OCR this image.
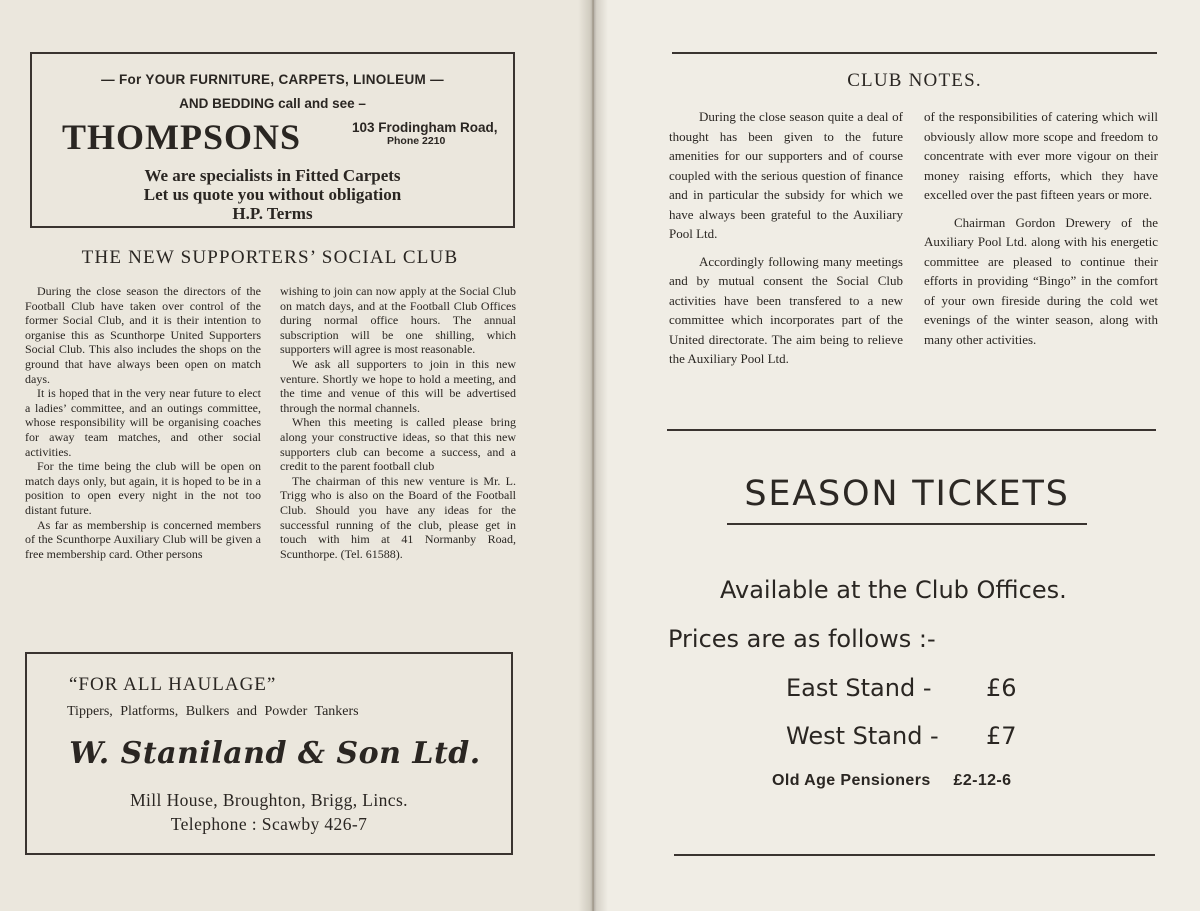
— For YOUR FURNITURE, CARPETS, LINOLEUM —
AND BEDDING call and see –
THOMPSONS	103 Frodingham Road,
Phone 2210
We are specialists in Fitted Carpets
Let us quote you without obligation
H.P. Terms
THE NEW SUPPORTERS’ SOCIAL CLUB

During the close season the directors of the Football Club have taken over control of the former Social Club, and it is their intention to organise this as Scunthorpe United Supporters Social Club. This also includes the shops on the ground that have always been open on match days.

It is hoped that in the very near future to elect a ladies’ committee, and an outings committee, whose responsibility will be organising coaches for away team matches, and other social activities.

For the time being the club will be open on match days only, but again, it is hoped to be in a position to open every night in the not too distant future.

As far as membership is concerned members of the Scunthorpe Auxiliary Club will be given a free membership card. Other persons

wishing to join can now apply at the Social Club on match days, and at the Football Club Offices during normal office hours. The annual subscription will be one shilling, which supporters will agree is most reasonable.

We ask all supporters to join in this new venture. Shortly we hope to hold a meeting, and the time and venue of this will be advertised through the normal channels.

When this meeting is called please bring along your constructive ideas, so that this new supporters club can become a success, and a credit to the parent football club

The chairman of this new venture is Mr. L. Trigg who is also on the Board of the Football Club. Should you have any ideas for the successful running of the club, please get in touch with him at 41 Normanby Road, Scunthorpe. (Tel. 61588).

“FOR ALL HAULAGE”
Tippers, Platforms, Bulkers and Powder Tankers
W. Staniland & Son Ltd.
Mill House, Broughton, Brigg, Lincs.
Telephone : Scawby 426-7
CLUB NOTES.

During the close season quite a deal of thought has been given to the future amenities for our supporters and of course coupled with the serious question of finance and in particular the subsidy for which we have always been grateful to the Auxiliary Pool Ltd.

Accordingly following many meetings and by mutual consent the Social Club activities have been transfered to a new committee which incorporates part of the United directorate. The aim being to relieve the Auxiliary Pool Ltd.

of the responsibilities of catering which will obviously allow more scope and freedom to concentrate with ever more vigour on their money raising efforts, which they have excelled over the past fifteen years or more.

Chairman Gordon Drewery of the Auxiliary Pool Ltd. along with his energetic committee are pleased to continue their efforts in providing “Bingo” in the comfort of your own fireside during the cold wet evenings of the winter season, along with many other activities.

SEASON TICKETS
Available at the Club Offices.
Prices are as follows :-
East Stand - £6
West Stand - £7
Old Age Pensioners £2-12-6
